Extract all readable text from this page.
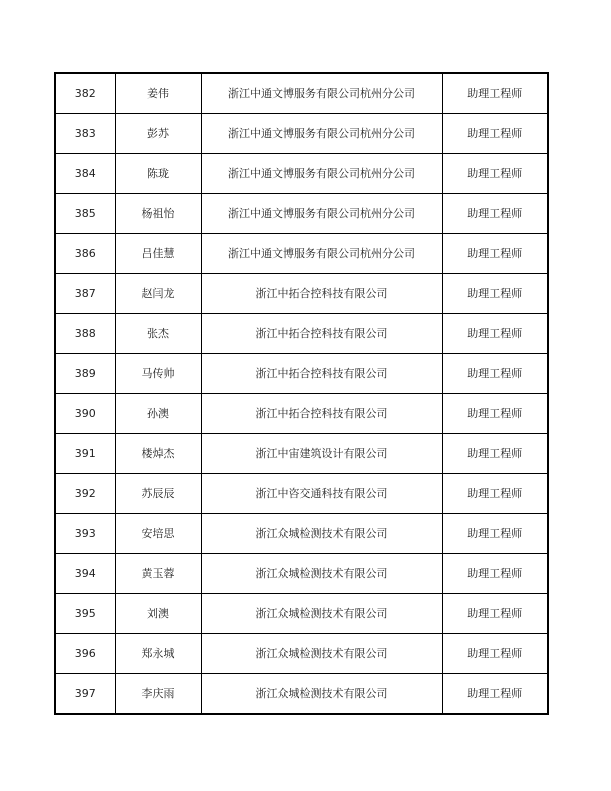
382	姜伟	浙江中通文博服务有限公司杭州分公司	助理工程师
383	彭苏	浙江中通文博服务有限公司杭州分公司	助理工程师
384	陈珑	浙江中通文博服务有限公司杭州分公司	助理工程师
385	杨祖怡	浙江中通文博服务有限公司杭州分公司	助理工程师
386	吕佳慧	浙江中通文博服务有限公司杭州分公司	助理工程师
387	赵闫龙	浙江中拓合控科技有限公司	助理工程师
388	张杰	浙江中拓合控科技有限公司	助理工程师
389	马传帅	浙江中拓合控科技有限公司	助理工程师
390	孙澳	浙江中拓合控科技有限公司	助理工程师
391	楼焯杰	浙江中宙建筑设计有限公司	助理工程师
392	苏辰辰	浙江中咨交通科技有限公司	助理工程师
393	安培思	浙江众城检测技术有限公司	助理工程师
394	黄玉蓉	浙江众城检测技术有限公司	助理工程师
395	刘澳	浙江众城检测技术有限公司	助理工程师
396	郑永城	浙江众城检测技术有限公司	助理工程师
397	李庆雨	浙江众城检测技术有限公司	助理工程师
